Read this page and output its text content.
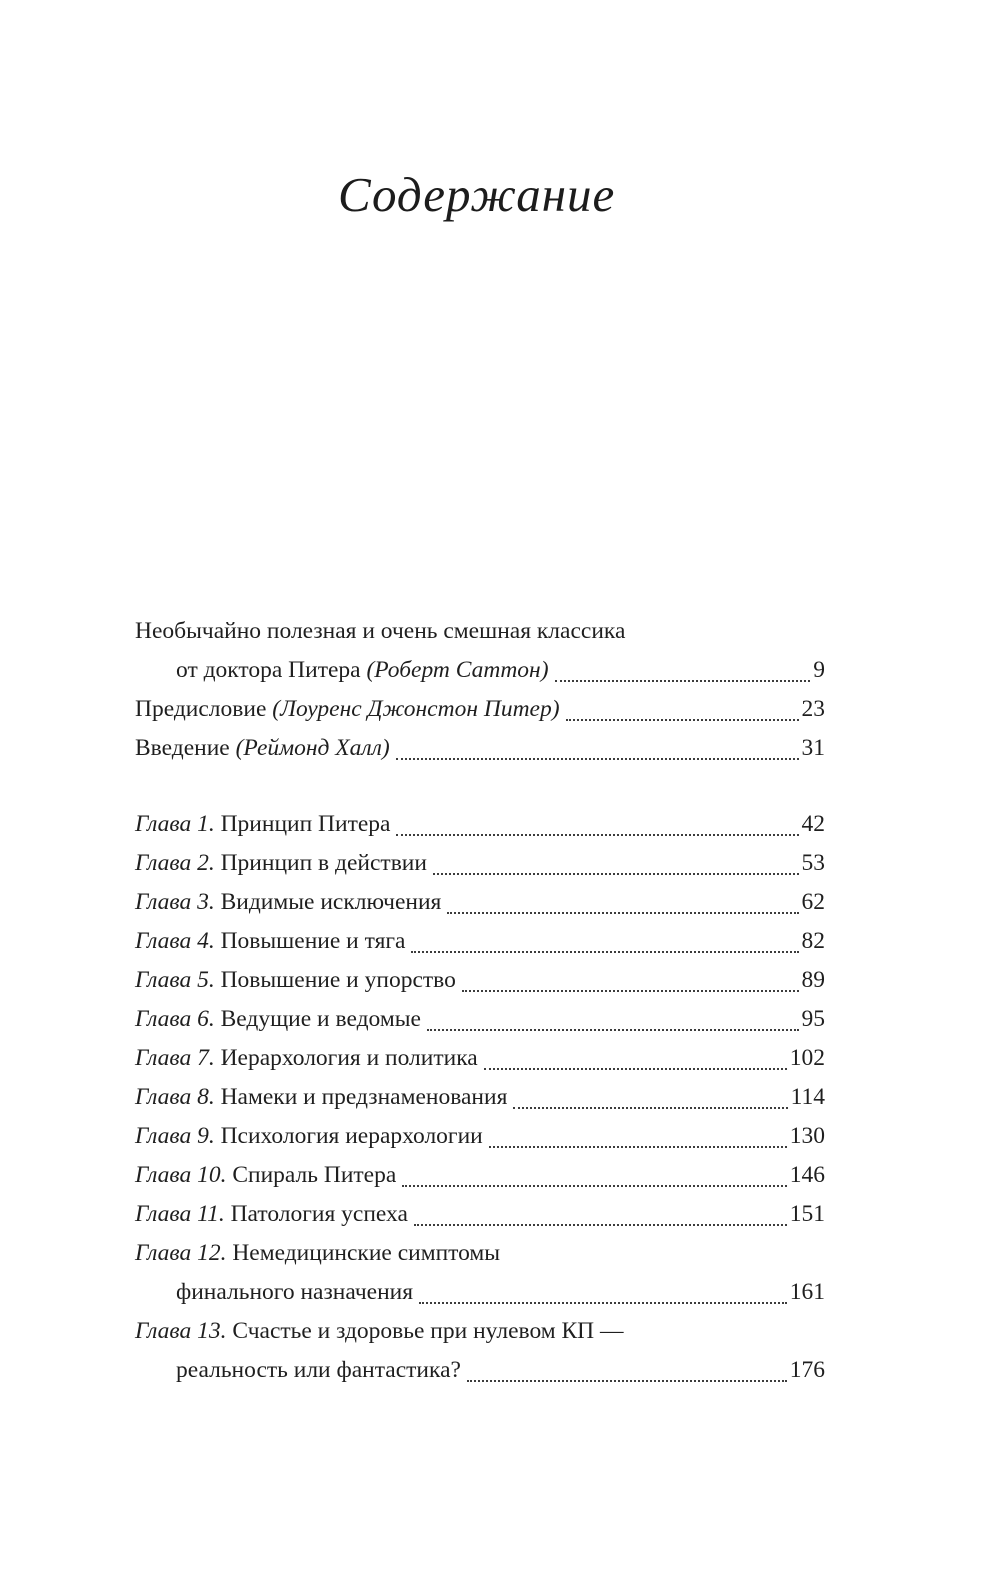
Содержание
Необычайно полезная и очень смешная классика
от доктора Питера (Роберт Саттон)	9
Предисловие (Лоуренс Джонстон Питер)	23
Введение (Реймонд Халл)	31
Глава 1. Принцип Питера	42
Глава 2. Принцип в действии	53
Глава 3. Видимые исключения	62
Глава 4. Повышение и тяга	82
Глава 5. Повышение и упорство	89
Глава 6. Ведущие и ведомые	95
Глава 7. Иерархология и политика	102
Глава 8. Намеки и предзнаменования	114
Глава 9. Психология иерархологии	130
Глава 10. Спираль Питера	146
Глава 11. Патология успеха	151
Глава 12. Немедицинские симптомы
финального назначения	161
Глава 13. Счастье и здоровье при нулевом КП —
реальность или фантастика?	176
